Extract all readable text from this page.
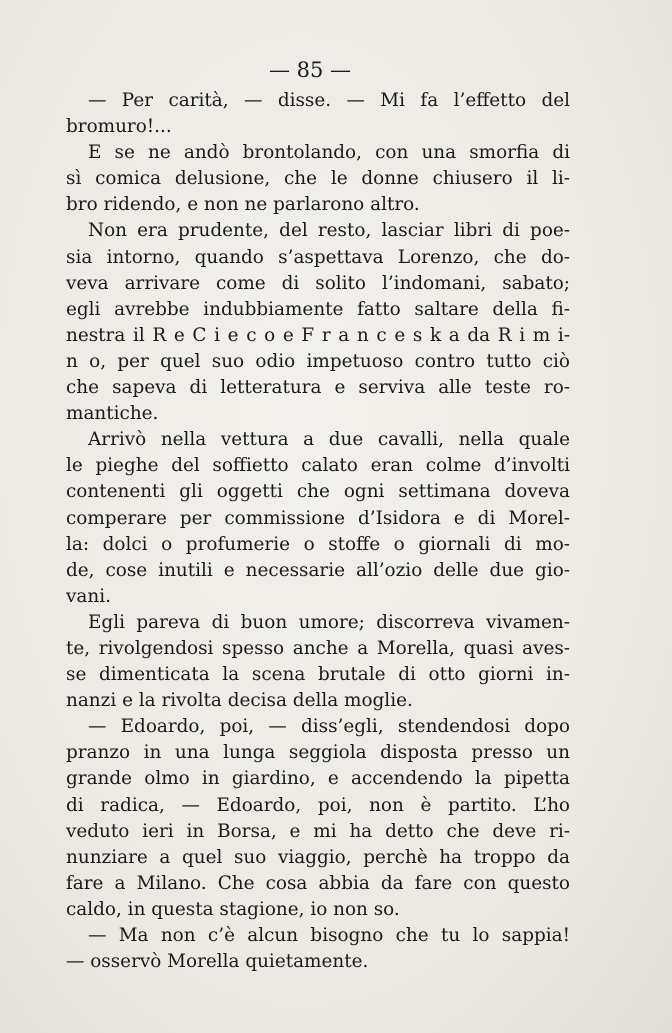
— 85 —
— Per carità, — disse. — Mi fa l’effetto del
bromuro!...
E se ne andò brontolando, con una smorfia di
sì comica delusione, che le donne chiusero il li-
bro ridendo, e non ne parlarono altro.
Non era prudente, del resto, lasciar libri di poe-
sia intorno, quando s’aspettava Lorenzo, che do-
veva arrivare come di solito l’indomani, sabato;
egli avrebbe indubbiamente fatto saltare della fi-
nestra il R e C i e c o e F r a n c e s k a da R i m i-
n o, per quel suo odio impetuoso contro tutto ciò
che sapeva di letteratura e serviva alle teste ro-
mantiche.
Arrivò nella vettura a due cavalli, nella quale
le pieghe del soffietto calato eran colme d’involti
contenenti gli oggetti che ogni settimana doveva
comperare per commissione d’Isidora e di Morel-
la: dolci o profumerie o stoffe o giornali di mo-
de, cose inutili e necessarie all’ozio delle due gio-
vani.
Egli pareva di buon umore; discorreva vivamen-
te, rivolgendosi spesso anche a Morella, quasi aves-
se dimenticata la scena brutale di otto giorni in-
nanzi e la rivolta decisa della moglie.
— Edoardo, poi, — diss’egli, stendendosi dopo
pranzo in una lunga seggiola disposta presso un
grande olmo in giardino, e accendendo la pipetta
di radica, — Edoardo, poi, non è partito. L’ho
veduto ieri in Borsa, e mi ha detto che deve ri-
nunziare a quel suo viaggio, perchè ha troppo da
fare a Milano. Che cosa abbia da fare con questo
caldo, in questa stagione, io non so.
— Ma non c’è alcun bisogno che tu lo sappia!
— osservò Morella quietamente.
